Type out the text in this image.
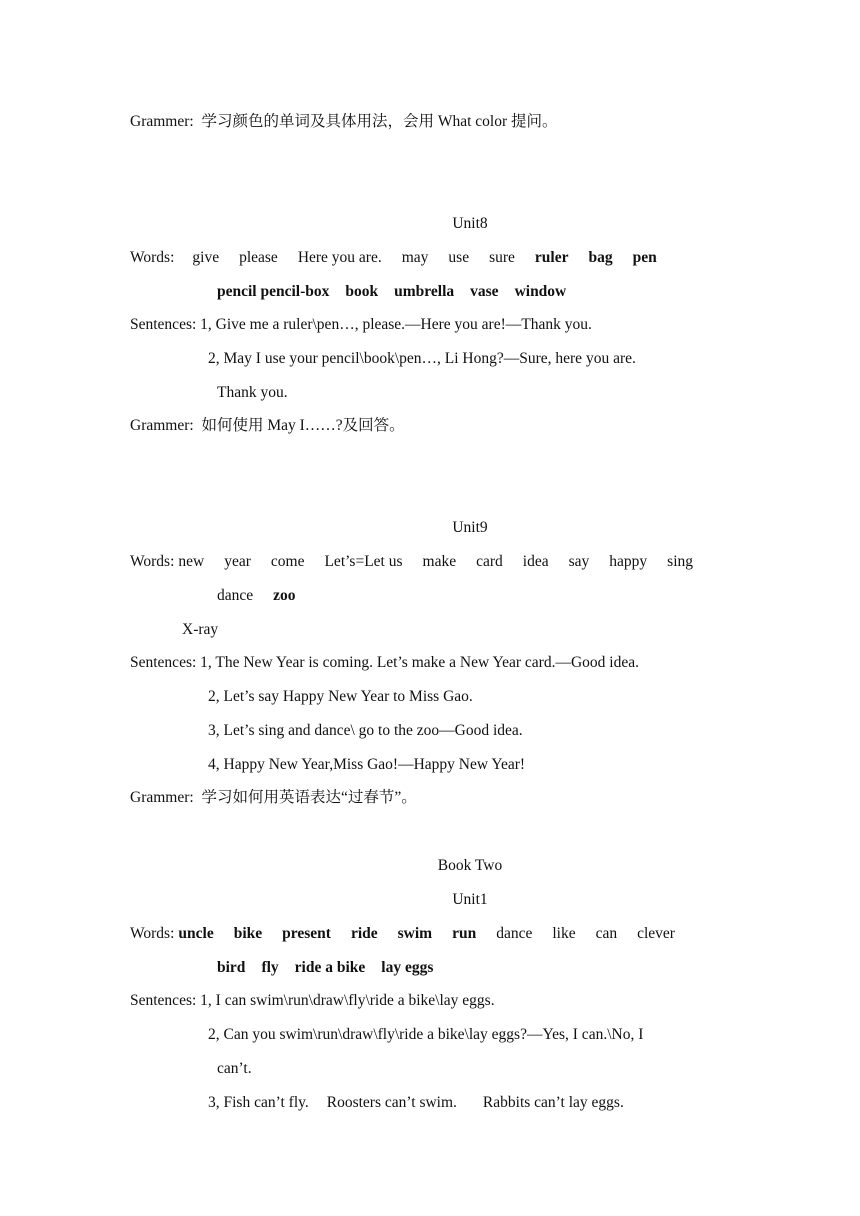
Grammer: 学习颜色的单词及具体用法，会用 What color 提问。
Unit8
Words: give please Here you are. may use sure ruler bag pen
pencil pencil-box book umbrella vase window
Sentences: 1, Give me a ruler\pen…, please.—Here you are!—Thank you.
2, May I use your pencil\book\pen…, Li Hong?—Sure, here you are.
Thank you.
Grammer: 如何使用 May I……?及回答。
Unit9
Words: new year come Let’s=Let us make card idea say happy sing
dance zoo
X-ray
Sentences: 1, The New Year is coming. Let’s make a New Year card.—Good idea.
2, Let’s say Happy New Year to Miss Gao.
3, Let’s sing and dance\ go to the zoo—Good idea.
4, Happy New Year,Miss Gao!—Happy New Year!
Grammer: 学习如何用英语表达“过春节”。
Book Two
Unit1
Words: uncle bike present ride swim run dance like can clever
bird fly ride a bike lay eggs
Sentences: 1, I can swim\run\draw\fly\ride a bike\lay eggs.
2, Can you swim\run\draw\fly\ride a bike\lay eggs?—Yes, I can.\No, I
can’t.
3, Fish can’t fly. Roosters can’t swim. Rabbits can’t lay eggs.
